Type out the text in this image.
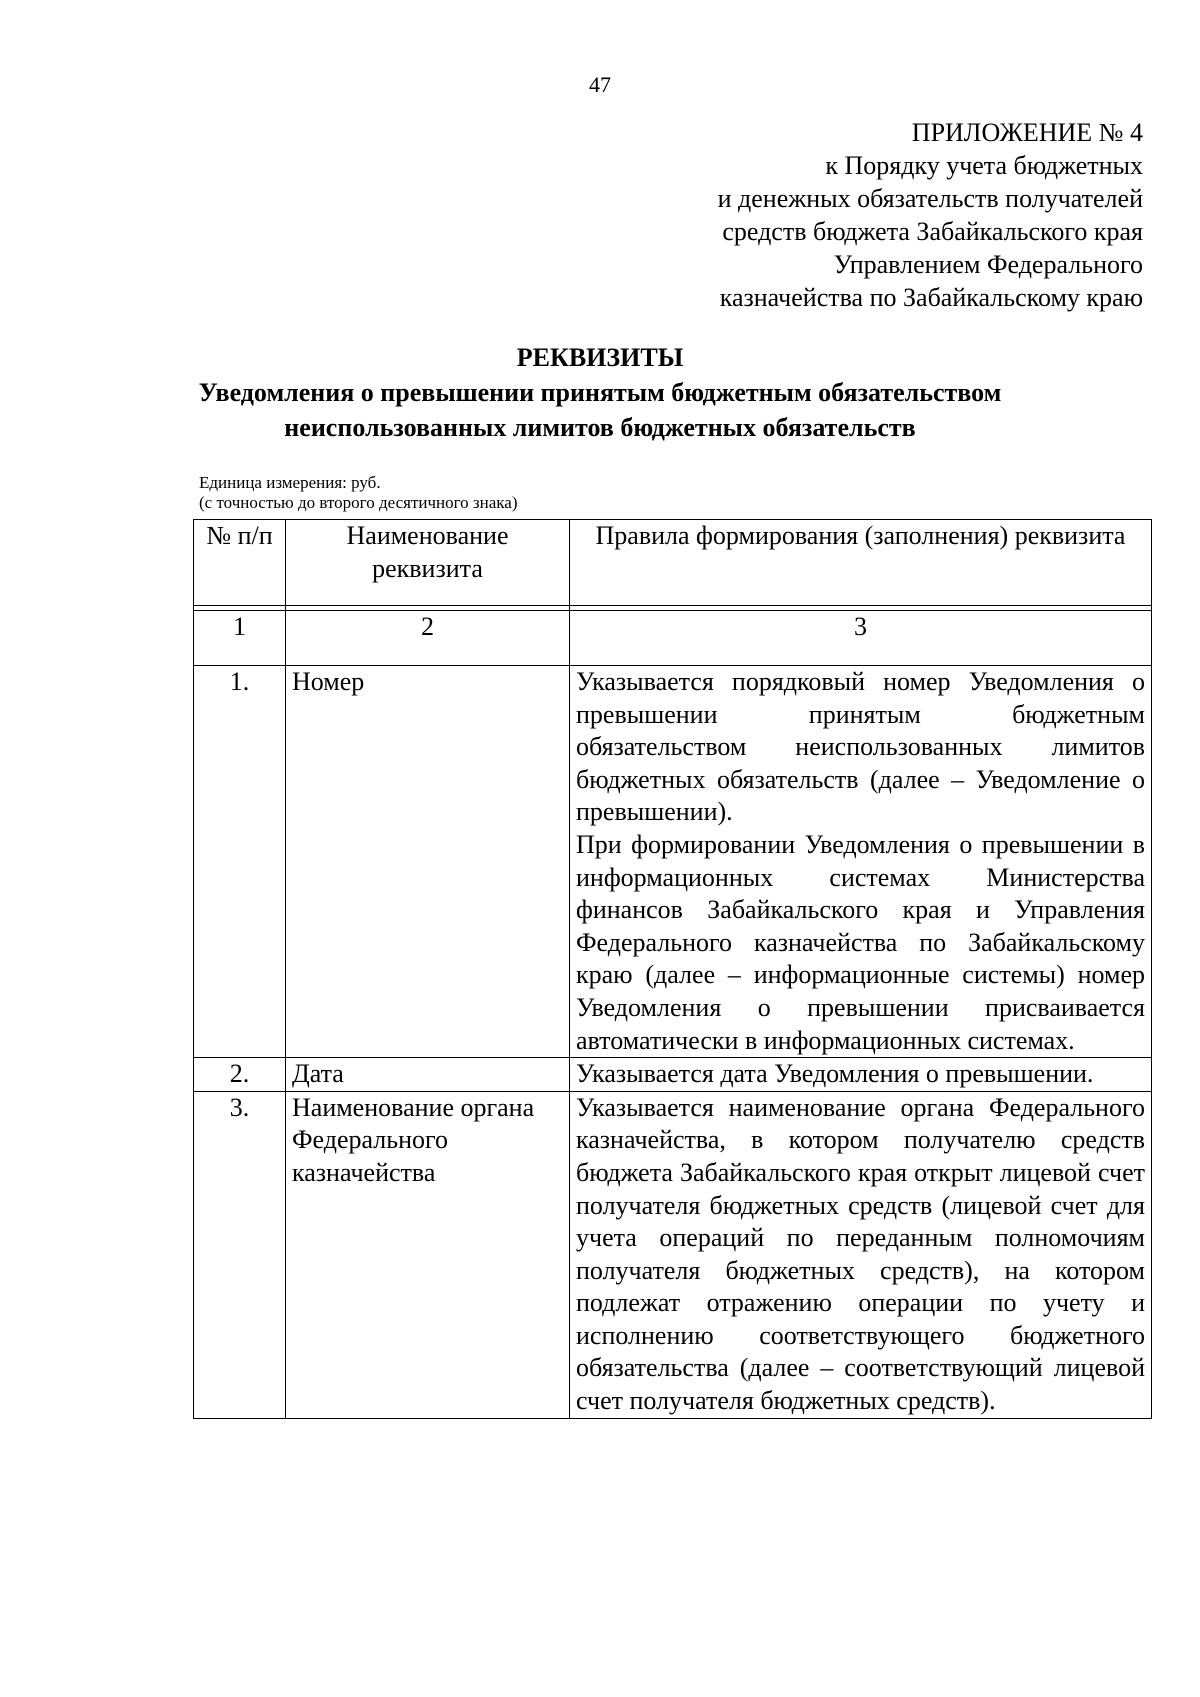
47
ПРИЛОЖЕНИЕ № 4
к Порядку учета бюджетных
и денежных обязательств получателей
средств бюджета Забайкальского края
Управлением Федерального
казначейства по Забайкальскому краю
РЕКВИЗИТЫ
Уведомления о превышении принятым бюджетным обязательством
неиспользованных лимитов бюджетных обязательств
Единица измерения: руб.
(с точностью до второго десятичного знака)
№ п/п	Наименование реквизита	Правила формирования (заполнения) реквизита

1	2	3
1.	Номер	Указывается порядковый номер Уведомления о превышении принятым бюджетным обязательством неиспользованных лимитов бюджетных обязательств (далее – Уведомление о превышении).

При формировании Уведомления о превышении в информационных системах Министерства финансов Забайкальского края и Управления Федерального казначейства по Забайкальскому краю (далее – информационные системы) номер Уведомления о превышении присваивается автоматически в информационных системах.

2.	Дата	Указывается дата Уведомления о превышении.

3.	Наименование органа Федерального казначейства	Указывается наименование органа Федерального казначейства, в котором получателю средств бюджета Забайкальского края открыт лицевой счет получателя бюджетных средств (лицевой счет для учета операций по переданным полномочиям получателя бюджетных средств), на котором подлежат отражению операции по учету и исполнению соответствующего бюджетного обязательства (далее – соответствующий лицевой счет получателя бюджетных средств).
